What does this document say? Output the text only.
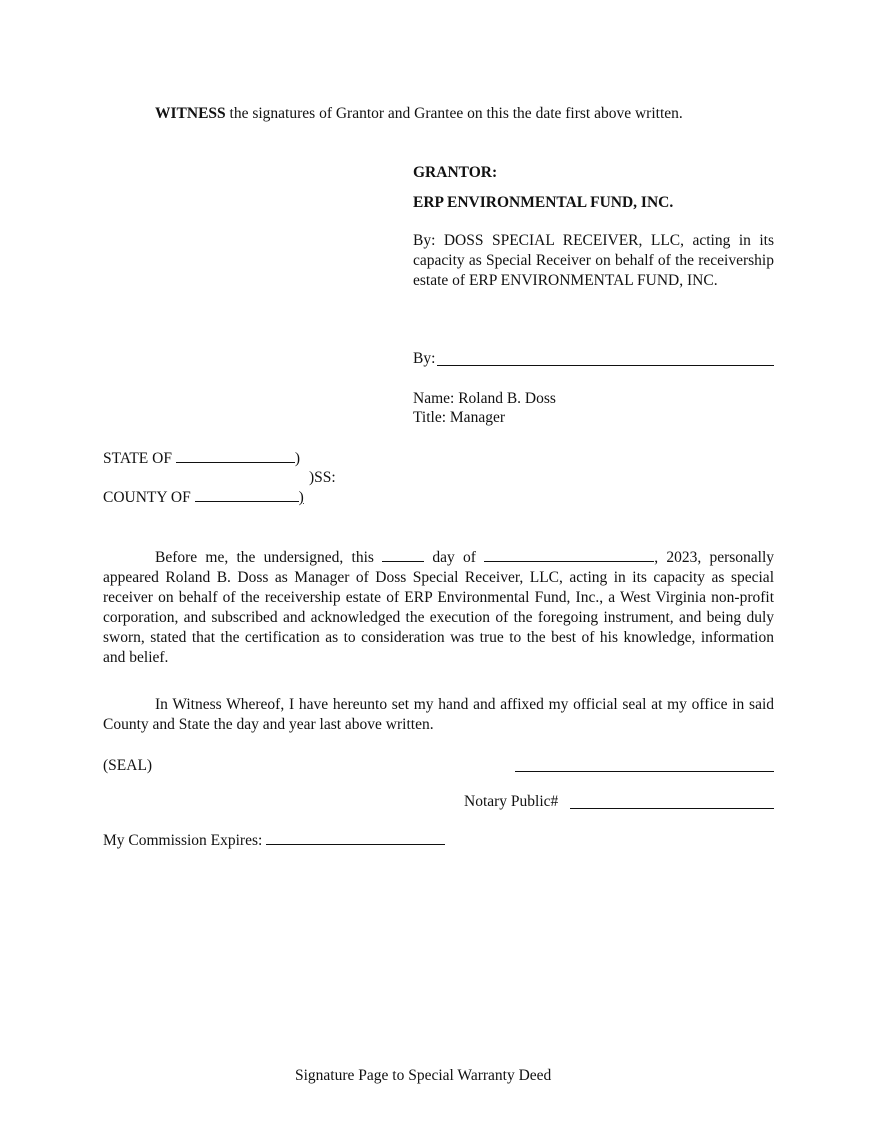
WITNESS the signatures of Grantor and Grantee on this the date first above written.
GRANTOR:
ERP ENVIRONMENTAL FUND, INC.
By: DOSS SPECIAL RECEIVER, LLC, acting in its capacity as Special Receiver on behalf of the receivership estate of ERP ENVIRONMENTAL FUND, INC.
By:
Name: Roland B. Doss
Title: Manager
STATE OF	)
)SS:
COUNTY OF	)
Before me, the undersigned, this	day of	, 2023, personally appeared Roland B. Doss as Manager of Doss Special Receiver, LLC, acting in its capacity as special receiver on behalf of the receivership estate of ERP Environmental Fund, Inc., a West Virginia non-profit corporation, and subscribed and acknowledged the execution of the foregoing instrument, and being duly sworn, stated that the certification as to consideration was true to the best of his knowledge, information and belief.
In Witness Whereof, I have hereunto set my hand and affixed my official seal at my office in said County and State the day and year last above written.
(SEAL)
Notary Public#
My Commission Expires:
Signature Page to Special Warranty Deed
